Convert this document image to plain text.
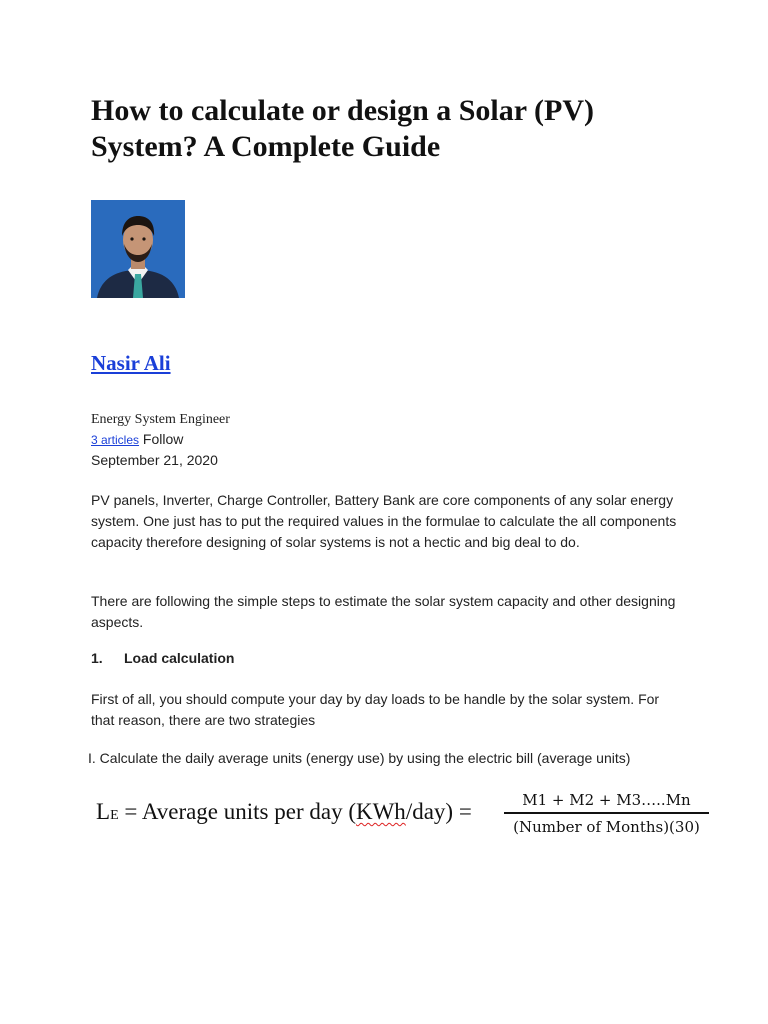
How to calculate or design a Solar (PV) System? A Complete Guide
Nasir Ali
Energy System Engineer
3 articles Follow
September 21, 2020

PV panels, Inverter, Charge Controller, Battery Bank are core components of any solar energy system. One just has to put the required values in the formulae to calculate the all components capacity therefore designing of solar systems is not a hectic and big deal to do.

There are following the simple steps to estimate the solar system capacity and other designing aspects.

1. Load calculation

First of all, you should compute your day by day loads to be handle by the solar system. For that reason, there are two strategies

I. Calculate the daily average units (energy use) by using the electric bill (average units)

LE = Average units per day (KWh/day) =	M1 + M2 + M3…..Mn
(Number of Months)(30)
